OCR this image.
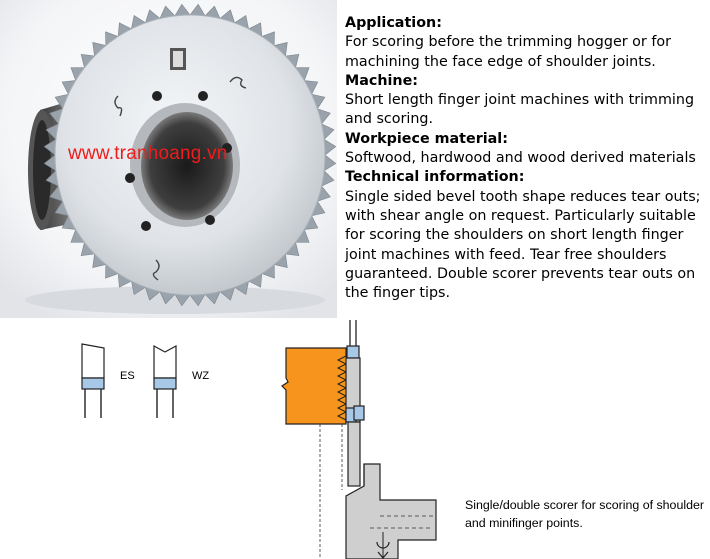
www.tranhoang.vn
Application:
For scoring before the trimming hogger or for machining the face edge of shoulder joints.
Machine:
Short length finger joint machines with trimming and scoring.
Workpiece material:
Softwood, hardwood and wood derived materials
Technical information:
Single sided bevel tooth shape reduces tear outs; with shear angle on request. Particularly suitable for scoring the shoulders on short length finger joint machines with feed. Tear free shoulders guaranteed. Double scorer prevents tear outs on the finger tips.
ES	WZ
Single/double scorer for scoring of shoulder and minifinger points.
